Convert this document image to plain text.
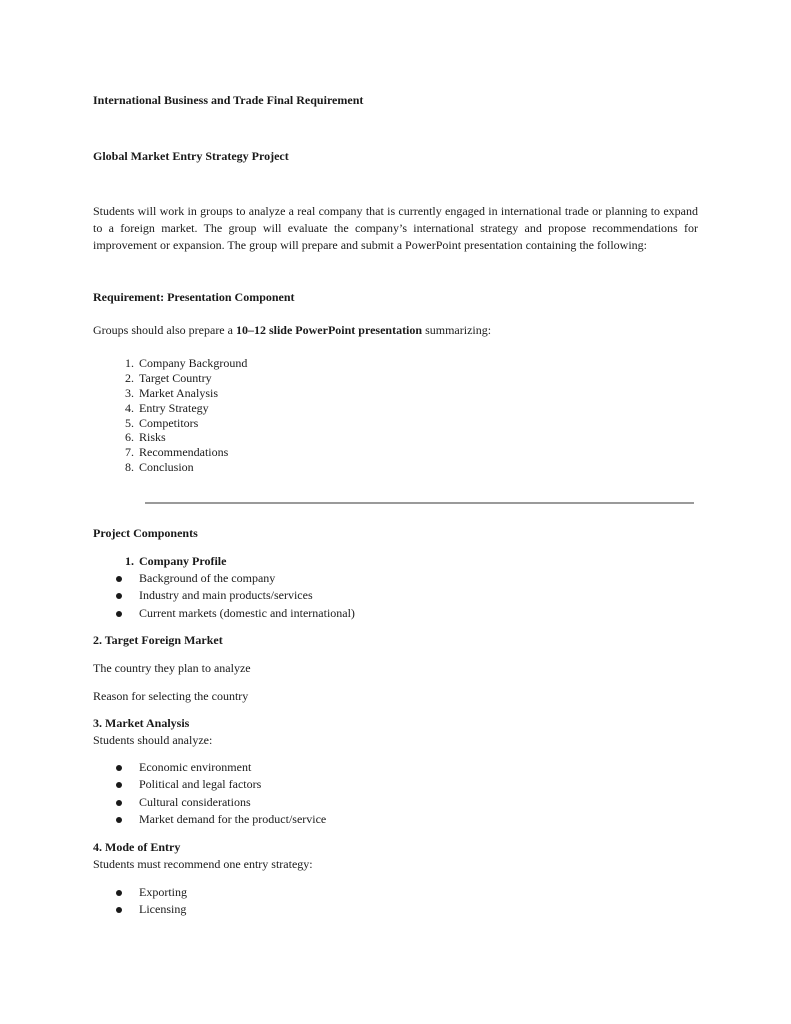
International Business and Trade Final Requirement

Global Market Entry Strategy Project

Students will work in groups to analyze a real company that is currently engaged in international trade or planning to expand to a foreign market. The group will evaluate the company’s international strategy and propose recommendations for improvement or expansion. The group will prepare and submit a PowerPoint presentation containing the following:

Requirement: Presentation Component

Groups should also prepare a 10–12 slide PowerPoint presentation summarizing:

1. Company Background
2. Target Country
3. Market Analysis
4. Entry Strategy
5. Competitors
6. Risks
7. Recommendations
8. Conclusion

Project Components

1. Company Profile

Background of the company
Industry and main products/services
Current markets (domestic and international)

2. Target Foreign Market

The country they plan to analyze

Reason for selecting the country

3. Market Analysis

Students should analyze:

Economic environment
Political and legal factors
Cultural considerations
Market demand for the product/service

4. Mode of Entry

Students must recommend one entry strategy:

Exporting
Licensing
